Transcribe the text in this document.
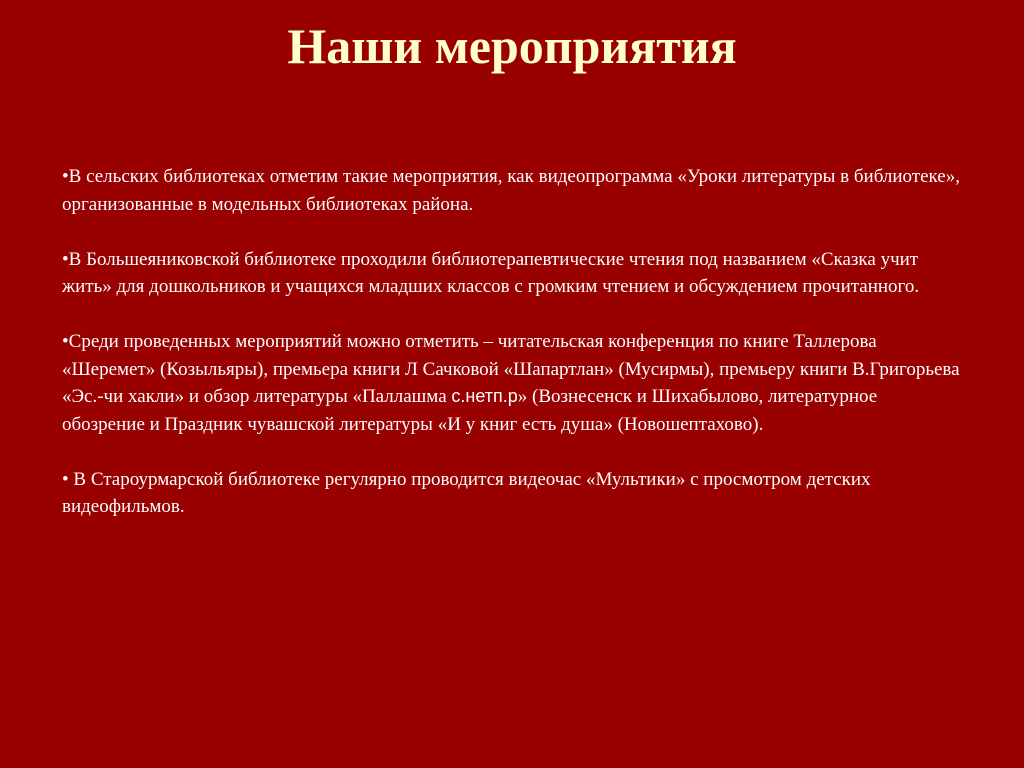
Наши мероприятия

•В сельских библиотеках отметим такие мероприятия, как видеопрограмма «Уроки литературы в библиотеке», организованные в модельных библиотеках района.

•В Большеяниковской библиотеке проходили библиотерапевтические чтения под названием «Сказка учит жить» для дошкольников и учащихся младших классов с громким чтением и обсуждением прочитанного.

•Среди проведенных мероприятий можно отметить – читательская конференция по книге Таллерова «Шеремет» (Козыльяры), премьера книги Л Сачковой «Шапартлан» (Мусирмы), премьеру книги В.Григорьева «Эс.-чи хакли» и обзор литературы «Паллашма с.нетп.р» (Вознесенск и Шихабылово, литературное обозрение и Праздник чувашской литературы «И у книг есть душа» (Новошептахово).

• В Староурмарской библиотеке регулярно проводится видеочас «Мультики» с просмотром детских видеофильмов.
